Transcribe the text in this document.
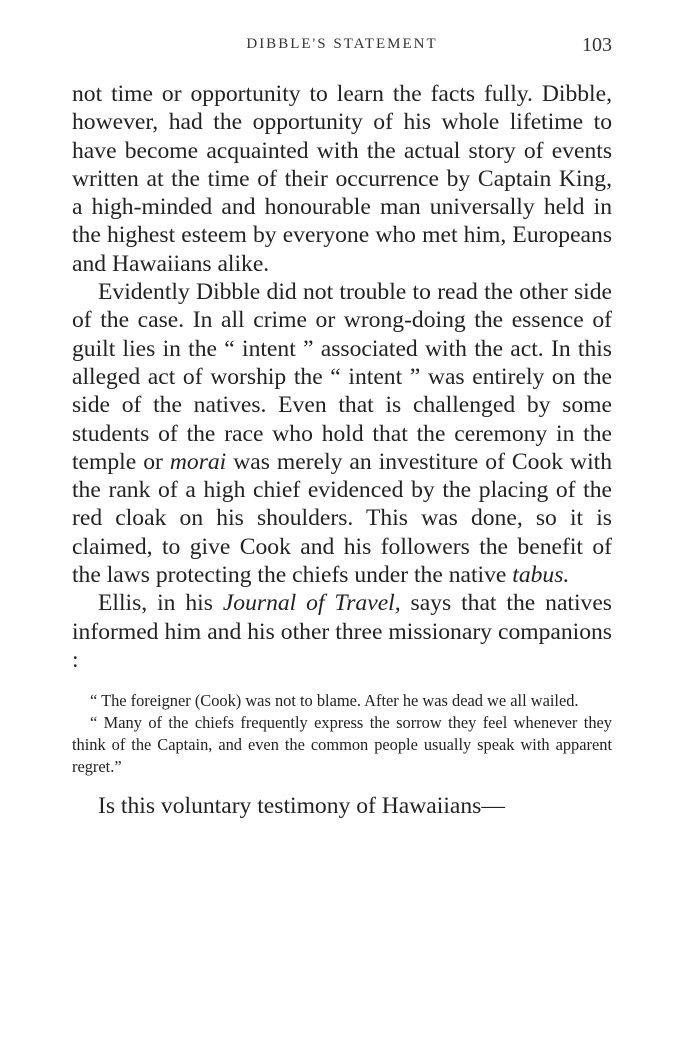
DIBBLE'S STATEMENT	103

not time or opportunity to learn the facts fully. Dibble, however, had the opportunity of his whole lifetime to have become acquainted with the actual story of events written at the time of their occurrence by Captain King, a high-minded and honourable man universally held in the highest esteem by everyone who met him, Europeans and Hawaiians alike.

Evidently Dibble did not trouble to read the other side of the case. In all crime or wrong-doing the essence of guilt lies in the “ intent ” associated with the act. In this alleged act of worship the “ intent ” was entirely on the side of the natives. Even that is challenged by some students of the race who hold that the ceremony in the temple or morai was merely an investiture of Cook with the rank of a high chief evidenced by the placing of the red cloak on his shoulders. This was done, so it is claimed, to give Cook and his followers the benefit of the laws protecting the chiefs under the native tabus.

Ellis, in his Journal of Travel, says that the natives informed him and his other three missionary companions :

“ The foreigner (Cook) was not to blame. After he was dead we all wailed.

“ Many of the chiefs frequently express the sorrow they feel whenever they think of the Captain, and even the common people usually speak with apparent regret.”

Is this voluntary testimony of Hawaiians—
